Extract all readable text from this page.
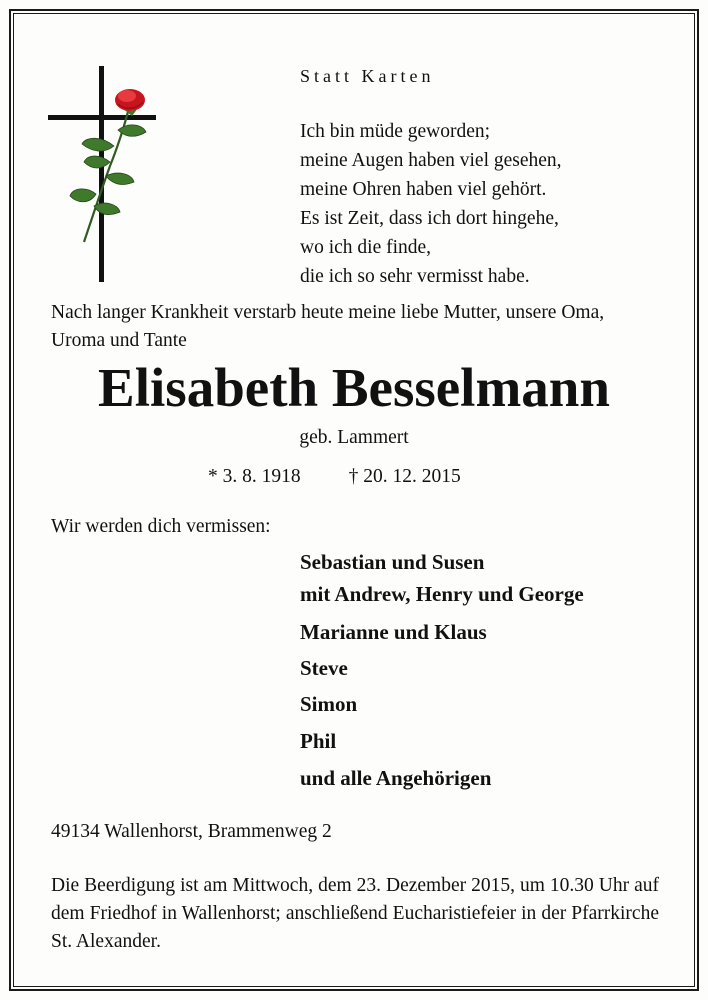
Statt Karten
Ich bin müde geworden;
meine Augen haben viel gesehen,
meine Ohren haben viel gehört.
Es ist Zeit, dass ich dort hingehe,
wo ich die finde,
die ich so sehr vermisst habe.
Nach langer Krankheit verstarb heute meine liebe Mutter, unsere Oma, Uroma und Tante
Elisabeth Besselmann
geb. Lammert
* 3. 8. 1918 † 20. 12. 2015
Wir werden dich vermissen:
Sebastian und Susen
mit Andrew, Henry und George
Marianne und Klaus
Steve
Simon
Phil
und alle Angehörigen
49134 Wallenhorst, Brammenweg 2
Die Beerdigung ist am Mittwoch, dem 23. Dezember 2015, um 10.30 Uhr auf dem Friedhof in Wallenhorst; anschließend Eucharistiefeier in der Pfarrkirche St. Alexander.
